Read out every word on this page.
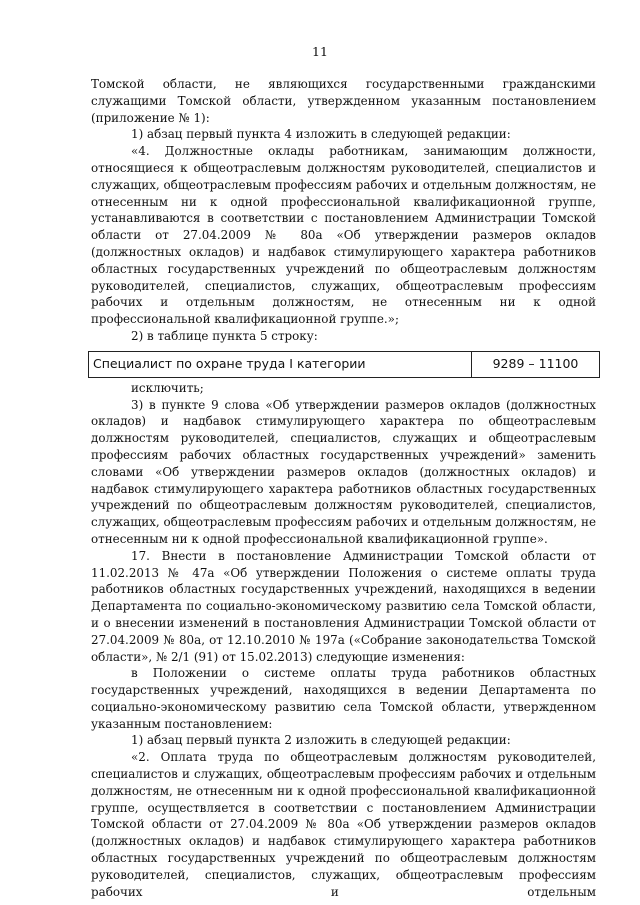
11

Томской области, не являющихся государственными гражданскими служащими Томской области, утвержденном указанным постановлением (приложение № 1):

1) абзац первый пункта 4 изложить в следующей редакции:

«4. Должностные оклады работникам, занимающим должности, относящиеся к общеотраслевым должностям руководителей, специалистов и служащих, общеотраслевым профессиям рабочих и отдельным должностям, не отнесенным ни к одной профессиональной квалификационной группе, устанавливаются в соответствии с постановлением Администрации Томской области от 27.04.2009 № 80а «Об утверждении размеров окладов (должностных окладов) и надбавок стимулирующего характера работников областных государственных учреждений по общеотраслевым должностям руководителей, специалистов, служащих, общеотраслевым профессиям рабочих и отдельным должностям, не отнесенным ни к одной профессиональной квалификационной группе.»;

2) в таблице пункта 5 строку:

Специалист по охране труда I категории	9289 – 11100

исключить;

3) в пункте 9 слова «Об утверждении размеров окладов (должностных окладов) и надбавок стимулирующего характера по общеотраслевым должностям руководителей, специалистов, служащих и общеотраслевым профессиям рабочих областных государственных учреждений» заменить словами «Об утверждении размеров окладов (должностных окладов) и надбавок стимулирующего характера работников областных государственных учреждений по общеотраслевым должностям руководителей, специалистов, служащих, общеотраслевым профессиям рабочих и отдельным должностям, не отнесенным ни к одной профессиональной квалификационной группе».

17. Внести в постановление Администрации Томской области от 11.02.2013 № 47а «Об утверждении Положения о системе оплаты труда работников областных государственных учреждений, находящихся в ведении Департамента по социально-экономическому развитию села Томской области, и о внесении изменений в постановления Администрации Томской области от 27.04.2009 № 80а, от 12.10.2010 № 197а («Собрание законодательства Томской области», № 2/1 (91) от 15.02.2013) следующие изменения:

в Положении о системе оплаты труда работников областных государственных учреждений, находящихся в ведении Департамента по социально-экономическому развитию села Томской области, утвержденном указанным постановлением:

1) абзац первый пункта 2 изложить в следующей редакции:

«2. Оплата труда по общеотраслевым должностям руководителей, специалистов и служащих, общеотраслевым профессиям рабочих и отдельным должностям, не отнесенным ни к одной профессиональной квалификационной группе, осуществляется в соответствии с постановлением Администрации Томской области от 27.04.2009 № 80а «Об утверждении размеров окладов (должностных окладов) и надбавок стимулирующего характера работников областных государственных учреждений по общеотраслевым должностям руководителей, специалистов, служащих, общеотраслевым профессиям рабочих и отдельным
